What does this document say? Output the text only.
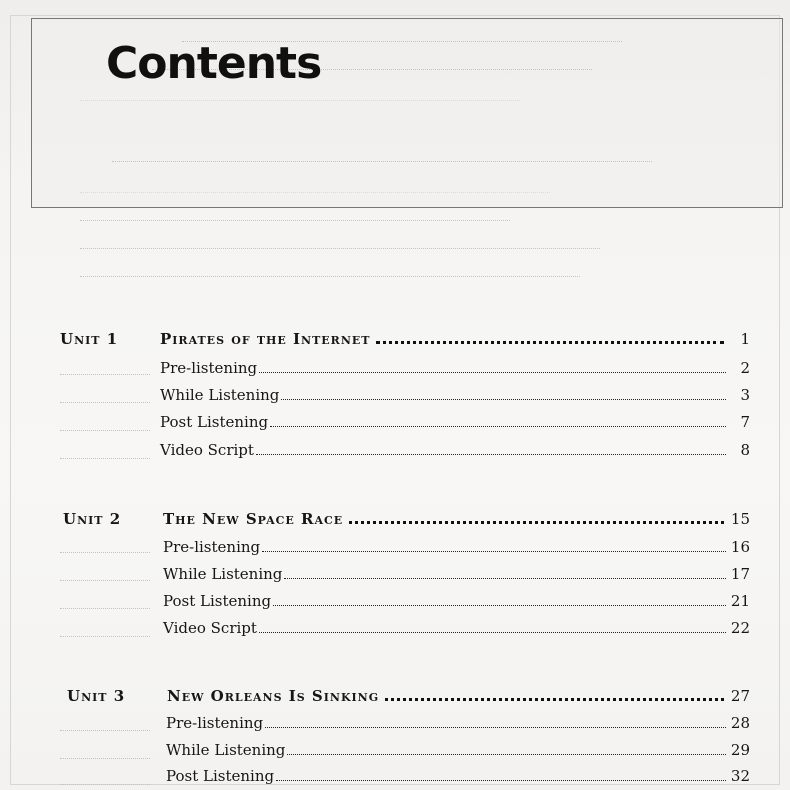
Contents
Unit 1	Pirates of the Internet	1
Pre-listening	2
While Listening	3
Post Listening	7
Video Script	8
Unit 2	The New Space Race	15
Pre-listening	16
While Listening	17
Post Listening	21
Video Script	22
Unit 3	New Orleans Is Sinking	27
Pre-listening	28
While Listening	29
Post Listening	32
